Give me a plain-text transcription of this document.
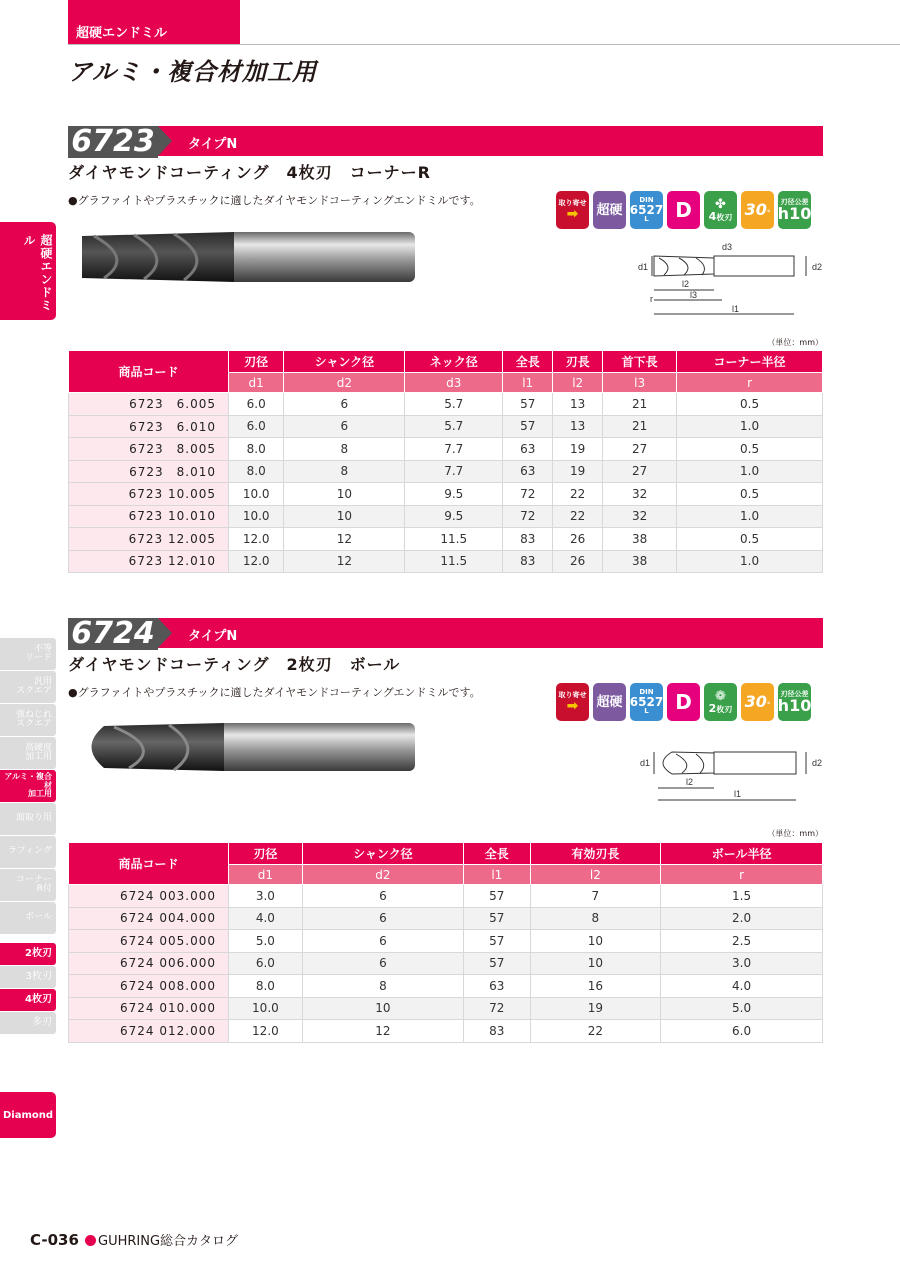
超硬エンドミル
アルミ・複合材加工用
超硬エンドミル
不等
リード
汎用
スクエア
強ねじれ
スクエア
高硬度
加工用
アルミ・複合材
加工用
面取り用
ラフィング
コーナー
R付
ボール
2枚刃
3枚刃
4枚刃
多刃
Diamond
6723	タイプN
ダイヤモンドコーティング　4枚刃　コーナーR
●グラファイトやプラスチックに適したダイヤモンドコーティングエンドミルです。	取り寄せ
➡ 超硬
DIN
6527
L	D	✤
4枚刃 30°
刃径公差
h10
d1	d2
d3
l2
l3
l1
r
（単位：mm）
商品コード	刃径	シャンク径	ネック径	全長	刃長	首下長	コーナー半径
	d1	d2	d3	l1	l2	l3	r
6723　6.005	6.0	6	5.7	57	13	21	0.5
6723　6.010	6.0	6	5.7	57	13	21	1.0
6723　8.005	8.0	8	7.7	63	19	27	0.5
6723　8.010	8.0	8	7.7	63	19	27	1.0
6723 10.005	10.0	10	9.5	72	22	32	0.5
6723 10.010	10.0	10	9.5	72	22	32	1.0
6723 12.005	12.0	12	11.5	83	26	38	0.5
6723 12.010	12.0	12	11.5	83	26	38	1.0
6724	タイプN
ダイヤモンドコーティング　2枚刃　ボール
●グラファイトやプラスチックに適したダイヤモンドコーティングエンドミルです。	取り寄せ
➡ 超硬
DIN
6527
L	D	❁
2枚刃 30°
刃径公差
h10
d1	d2
l2
l1
（単位：mm）
商品コード	刃径	シャンク径	全長	有効刃長	ボール半径
	d1	d2	l1	l2	r
6724 003.000	3.0	6	57	7	1.5
6724 004.000	4.0	6	57	8	2.0
6724 005.000	5.0	6	57	10	2.5
6724 006.000	6.0	6	57	10	3.0
6724 008.000	8.0	8	63	16	4.0
6724 010.000	10.0	10	72	19	5.0
6724 012.000	12.0	12	83	22	6.0
C-036 GUHRING総合カタログ
